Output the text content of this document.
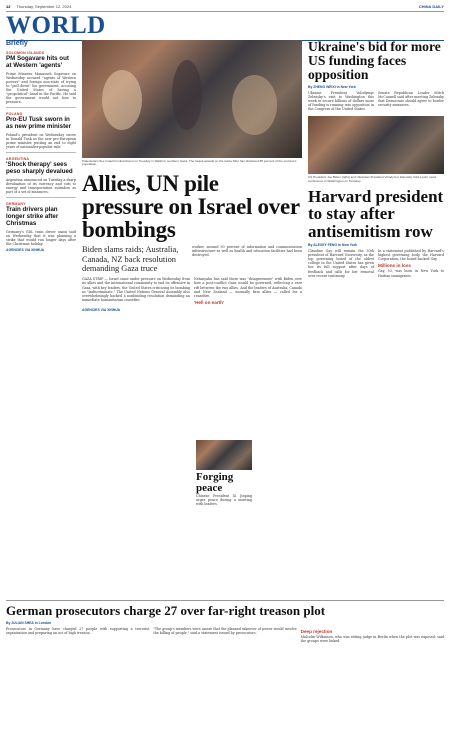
12 Thursday, September 12, 2024	CHINA DAILY
WORLD
Briefly
SOLOMON ISLANDS
PM Sogavare hits out at Western 'agents'

Prime Minister Manasseh Sogavare on Wednesday accused "agents of Western powers" and foreign non-state of trying to "pull down" his government, accusing the United States of having a "geopolitical" hand in the Pacific. He said the government would not bow to pressure.

POLAND
Pro-EU Tusk sworn in as new prime minister

Poland's president on Wednesday swore in Donald Tusk as the new pro-European prime minister, putting an end to eight years of nationalist-populist rule.

ARGENTINA
'Shock therapy' sees peso sharply devalued

Argentina announced on Tuesday a sharp devaluation of its currency and cuts to energy and transportation subsidies as part of a set of measures.

GERMANY
Train drivers plan longer strike after Christmas

Germany's GDL train driver union said on Wednesday that it was planning a strike that would run longer days after the Christmas holiday.

AGENCIES VIA XINHUA
Palestinians flee Israeli bombardment on Tuesday in Rafah in southern Gaza. The Israeli assault on the Gaza Strip has displaced 85 percent of the enclave's population.
Allies, UN pile pressure on Israel over bombings
Biden slams raids; Australia, Canada, NZ back resolution demanding Gaza truce

worker, around 90 percent of information and communication infrastructure as well as health and education facilities had been destroyed.

GAZA STRIP — Israel came under pressure on Wednesday from its allies and the international community to end its offensive in Gaza, with key leaders, the United States criticizing its bombing as "indiscriminate." The United Nations General Assembly also overwhelmingly backed a nonbinding resolution demanding an immediate humanitarian ceasefire.

Netanyahu has said there was "disagreement" with Biden over how a post-conflict Gaza would be governed, reflecting a rare rift between the two allies. And the leaders of Australia, Canada and New Zealand — normally firm allies — called for a ceasefire.

'Hell on earth'
AGENCIES VIA XINHUA
Forging peace
Chinese President Xi Jinping urges peace during a meeting with leaders.
Ukraine's bid for more US funding faces opposition
By ZHENG WEIXI in New York

Ukraine President Volodymyr Zelensky's visit to Washington this week to secure billions of dollars more of funding is running into opposition in the Congress of the United States.

Senate Republican Leader Mitch McConnell said after meeting Zelensky that Democrats should agree to border security measures.

US President Joe Biden (right) and Ukrainian President Volodymyr Zelensky hold a joint news conference in Washington on Tuesday.
Harvard president to stay after antisemitism row
By ALEXEY FENG in New York

Claudine Gay will remain the 30th president of Harvard University, as the top governing board of the oldest college in the United States has given her its full support after days of feedback and calls for her removal over recent testimony.

In a statement published by Harvard's highest governing body, the Harvard Corporation, the board backed Gay.

Millions in loss

Gay, 53, was born in New York to Haitian immigrants.

German prosecutors charge 27 over far-right treason plot
By JULIAN SHEA in London

Prosecutors in Germany have charged 27 people with supporting a terrorist organization and preparing an act of high treason.

"The group's members were aware that the planned takeover of power would involve the killing of people," said a statement issued by prosecutors.	Deep rejection

Malcolm Wilkinson, who was sitting judge in Berlin when the plot was exposed, said the groups were linked.
